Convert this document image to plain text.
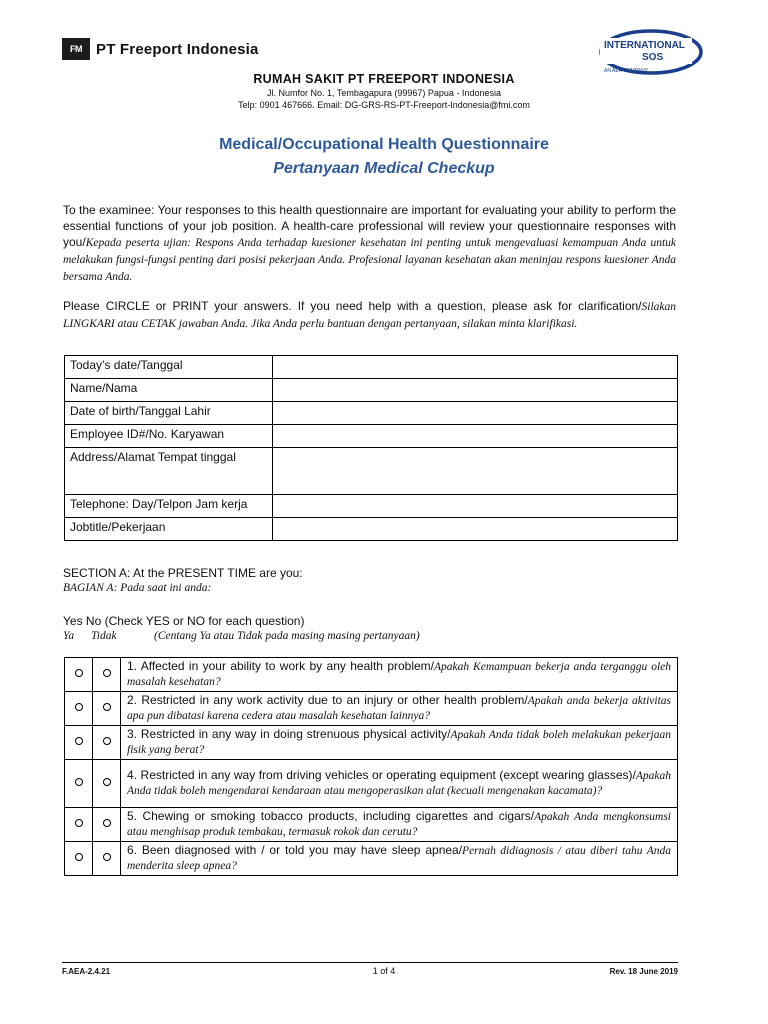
FM PT Freeport Indonesia	INTERNATIONAL
SOS
AN AEA COMPANY
RUMAH SAKIT PT FREEPORT INDONESIA
Jl. Numfor No. 1, Tembagapura (99967) Papua - Indonesia
Telp: 0901 467666. Email: DG-GRS-RS-PT-Freeport-Indonesia@fmi.com
Medical/Occupational Health Questionnaire
Pertanyaan Medical Checkup
To the examinee: Your responses to this health questionnaire are important for evaluating your ability to perform the essential functions of your job position. A health-care professional will review your questionnaire responses with you/Kepada peserta ujian: Respons Anda terhadap kuesioner kesehatan ini penting untuk mengevaluasi kemampuan Anda untuk melakukan fungsi-fungsi penting dari posisi pekerjaan Anda. Profesional layanan kesehatan akan meninjau respons kuesioner Anda bersama Anda.
Please CIRCLE or PRINT your answers. If you need help with a question, please ask for clarification/Silakan LINGKARI atau CETAK jawaban Anda. Jika Anda perlu bantuan dengan pertanyaan, silakan minta klarifikasi.
Today’s date/Tanggal	
Name/Nama	
Date of birth/Tanggal Lahir	
Employee ID#/No. Karyawan	
Address/Alamat Tempat tinggal	
Telephone: Day/Telpon Jam kerja	
Jobtitle/Pekerjaan	
SECTION A: At the PRESENT TIME are you:
BAGIAN A: Pada saat ini anda:
Yes No (Check YES or NO for each question)
Ya Tidak	(Centang Ya atau Tidak pada masing masing pertanyaan)
		1. Affected in your ability to work by any health problem/Apakah Kemampuan bekerja anda terganggu oleh masalah kesehatan?
		2. Restricted in any work activity due to an injury or other health problem/Apakah anda bekerja aktivitas apa pun dibatasi karena cedera atau masalah kesehatan lainnya?
		3. Restricted in any way in doing strenuous physical activity/Apakah Anda tidak boleh melakukan pekerjaan fisik yang berat?
		4. Restricted in any way from driving vehicles or operating equipment (except wearing glasses)/Apakah Anda tidak boleh mengendarai kendaraan atau mengoperasikan alat (kecuali mengenakan kacamata)?
		5. Chewing or smoking tobacco products, including cigarettes and cigars/Apakah Anda mengkonsumsi atau menghisap produk tembakau, termasuk rokok dan cerutu?
		6. Been diagnosed with / or told you may have sleep apnea/Pernah didiagnosis / atau diberi tahu Anda menderita sleep apnea?
F.AEA-2.4.21	1 of 4	Rev. 18 June 2019
